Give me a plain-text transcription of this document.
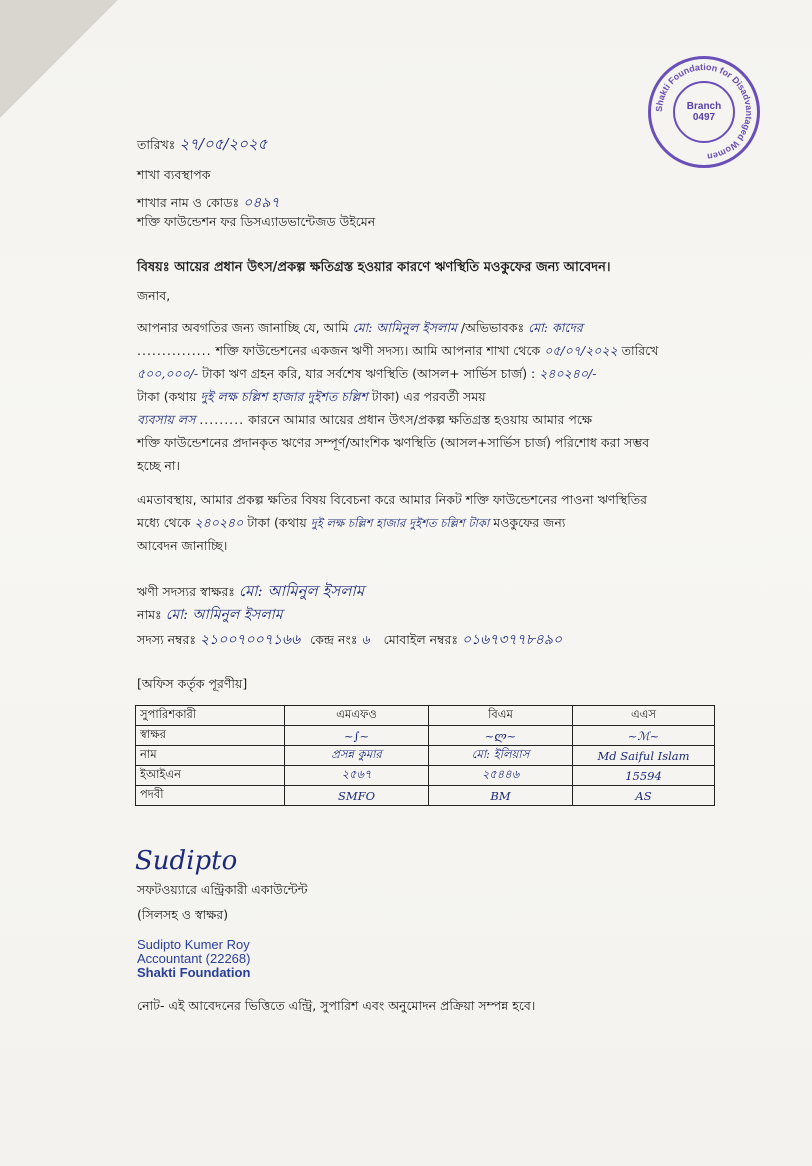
Shakti Foundation for Disadvantaged Women
Branch
0497
তারিখঃ ২৭/০৫/২০২৫
শাখা ব্যবস্থাপক
শাখার নাম ও কোডঃ ০৪৯৭
শক্তি ফাউন্ডেশন ফর ডিসএ্যাডভান্টেজড উইমেন
বিষয়ঃ আয়ের প্রধান উৎস/প্রকল্প ক্ষতিগ্রস্ত হওয়ার কারণে ঋণস্থিতি মওকুফের জন্য আবেদন।
জনাব,
আপনার অবগতির জন্য জানাচ্ছি যে, আমি মো: আমিনুল ইসলাম /অভিভাবকঃ মো: কাদের
............... শক্তি ফাউন্ডেশনের একজন ঋণী সদস্য। আমি আপনার শাখা থেকে ০৫/০৭/২০২২ তারিখে
৫০০,০০০/- টাকা ঋণ গ্রহন করি, যার সর্বশেষ ঋণস্থিতি (আসল+ সার্ভিস চার্জ) : ২৪০২৪০/-
টাকা (কথায় দুই লক্ষ চল্লিশ হাজার দুইশত চল্লিশ টাকা) এর পরবর্তী সময়
ব্যবসায় লস ......... কারনে আমার আয়ের প্রধান উৎস/প্রকল্প ক্ষতিগ্রস্ত হওয়ায় আমার পক্ষে
শক্তি ফাউন্ডেশনের প্রদানকৃত ঋণের সম্পূর্ণ/আংশিক ঋণস্থিতি (আসল+সার্ভিস চার্জ) পরিশোধ করা সম্ভব
হচ্ছে না।
এমতাবস্থায়, আমার প্রকল্প ক্ষতির বিষয় বিবেচনা করে আমার নিকট শক্তি ফাউন্ডেশনের পাওনা ঋণস্থিতির
মধ্যে থেকে ২৪০২৪০ টাকা (কথায় দুই লক্ষ চল্লিশ হাজার দুইশত চল্লিশ টাকা মওকুফের জন্য
আবেদন জানাচ্ছি।
ঋণী সদস্যর স্বাক্ষরঃ মো: আমিনুল ইসলাম
নামঃ মো: আমিনুল ইসলাম
সদস্য নম্বরঃ ২১০০৭০০৭১৬৬ কেন্দ্র নংঃ ৬ মোবাইল নম্বরঃ ০১৬৭৩৭৭৮৪৯০
[অফিস কর্তৃক পূরণীয়]
সুপারিশকারী	এমএফও	বিএম	এএস
স্বাক্ষর	~∫~	~ლ~	~ℳ~
নাম	প্রসন্ন কুমার	মো: ইলিয়াস	Md Saiful Islam
ইআইএন	২৫৬৭	২৫৪৪৬	15594
পদবী	SMFO	BM	AS
Sudipto
সফটওয়্যারে এন্ট্রিকারী একাউন্টেন্ট
(সিলসহ ও স্বাক্ষর)
Sudipto Kumer Roy
Accountant (22268)
Shakti Foundation
নোট- এই আবেদনের ভিত্তিতে এন্ট্রি, সুপারিশ এবং অনুমোদন প্রক্রিয়া সম্পন্ন হবে।
